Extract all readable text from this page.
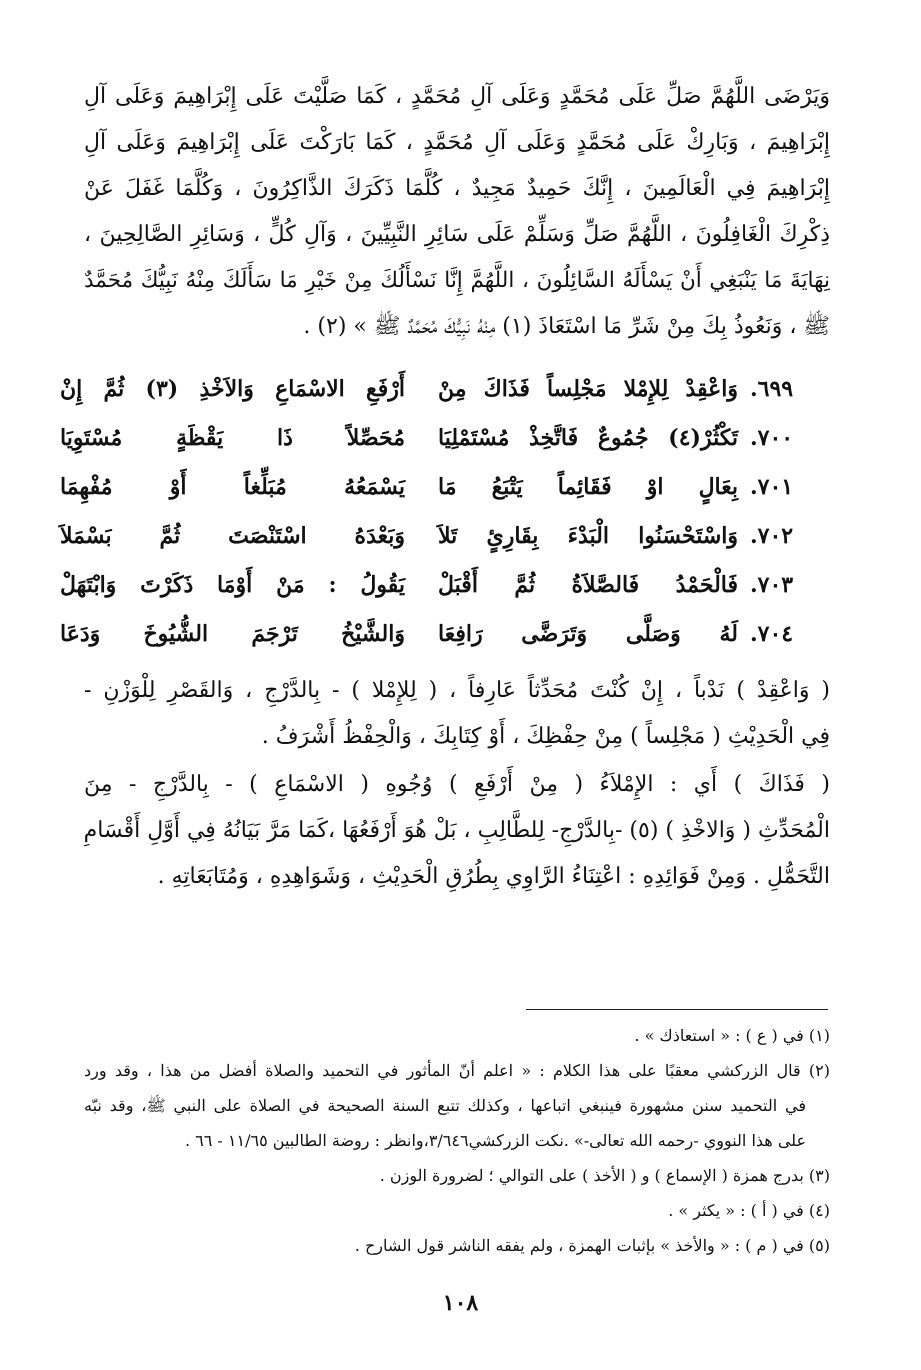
وَيَرْضَى اللَّهُمَّ صَلِّ عَلَى مُحَمَّدٍ وَعَلَى آلِ مُحَمَّدٍ ، كَمَا صَلَّيْتَ عَلَى إِبْرَاهِيمَ وَعَلَى آلِ
إِبْرَاهِيمَ ، وَبَارِكْ عَلَى مُحَمَّدٍ وَعَلَى آلِ مُحَمَّدٍ ، كَمَا بَارَكْتَ عَلَى إِبْرَاهِيمَ وَعَلَى آلِ
إِبْرَاهِيمَ فِي الْعَالَمِينَ ، إِنَّكَ حَمِيدٌ مَجِيدٌ ، كُلَّمَا ذَكَرَكَ الذَّاكِرُونَ ، وَكُلَّمَا غَفَلَ عَنْ
ذِكْرِكَ الْغَافِلُونَ ، اللَّهُمَّ صَلِّ وَسَلِّمْ عَلَى سَائِرِ النَّبِيِّينَ ، وَآلِ كُلٍّ ، وَسَائِرِ الصَّالِحِينَ ،
نِهَايَةَ مَا يَنْبَغِي أَنْ يَسْأَلَهُ السَّائِلُونَ ، اللَّهُمَّ إِنَّا نَسْأَلُكَ مِنْ خَيْرِ مَا سَأَلَكَ مِنْهُ نَبِيُّكَ مُحَمَّدٌ
ﷺ ، وَنَعُوذُ بِكَ مِنْ شَرِّ مَا اسْتَعَاذَ (١) مِنْهُ نَبِيُّكَ مُحَمَّدٌ ﷺ » (٢) .
٦٩٩.
وَاعْقِدْ لِلإِمْلا مَجْلِساً فَذَاكَ مِنْ
أَرْفَعِ الاسْمَاعِ وَالاَخْذِ (٣) ثُمَّ إِنْ
٧٠٠.
تَكْثُرْ(٤) جُمُوعٌ فَاتَّخِذْ مُسْتَمْلِيَا
مُحَصِّلاً ذَا يَقْظَةٍ مُسْتَوِيَا
٧٠١.
بِعَالٍ اوْ فَقَائِماً يَتْبَعُ مَا
يَسْمَعُهُ مُبَلِّغاً أَوْ مُفْهِمَا
٧٠٢.
وَاسْتَحْسَنُوا الْبَدْءَ بِقَارِئٍ تَلاَ
وَبَعْدَهُ اسْتَنْصَتَ ثُمَّ بَسْمَلاَ
٧٠٣.
فَالْحَمْدُ فَالصَّلاَةُ ثُمَّ أَقْبَلْ
يَقُولُ : مَنْ أَوْمَا ذَكَرْتَ وَابْتَهَلْ
٧٠٤.
لَهُ وَصَلَّى وَتَرَضَّى رَافِعَا
وَالشَّيْخُ تَرْجَمَ الشُّيُوخَ وَدَعَا
( وَاعْقِدْ ) نَدْباً ، إِنْ كُنْتَ مُحَدِّثاً عَارِفاً ، ( لِلإِمْلا ) - بِالدَّرْجِ ، وَالقَصْرِ لِلْوَزْنِ -
فِي الْحَدِيْثِ ( مَجْلِساً ) مِنْ حِفْظِكَ ، أَوْ كِتَابِكَ ، وَالْحِفْظُ أَشْرَفُ .
( فَذَاكَ ) أَي : الإِمْلاَءُ ( مِنْ أَرْفَعِ ) وُجُوهِ ( الاسْمَاعِ ) - بِالدَّرْجِ - مِنَ
الْمُحَدِّثِ ( وَالاخْذِ ) (٥) -بِالدَّرْجِ- لِلطَّالِبِ ، بَلْ هُوَ أَرْفَعُهَا ،كَمَا مَرَّ بَيَانُهُ فِي أَوَّلِ أَقْسَامِ
التَّحَمُّلِ . وَمِنْ فَوَائِدِهِ : اعْتِنَاءُ الرَّاوِي بِطُرُقِ الْحَدِيْثِ ، وَشَوَاهِدِهِ ، وَمُتَابَعَاتِهِ .
(١) في ( ع ) : « استعاذك » .
(٢) قال الزركشي معقبًا على هذا الكلام : « اعلم أنّ المأثور في التحميد والصلاة أفضل من هذا ، وقد ورد
في التحميد سنن مشهورة فينبغي اتباعها ، وكذلك تتبع السنة الصحيحة في الصلاة على النبي ﷺ، وقد نبّه
على هذا النووي -رحمه الله تعالى-» .نكت الزركشي٣/٦٤٦،وانظر : روضة الطالبين ١١/٦٥ - ٦٦ .
(٣) بدرج همزة ( الإسماع ) و ( الأخذ ) على التوالي ؛ لضرورة الوزن .
(٤) في ( أ ) : « يكثر » .
(٥) في ( م ) : « والأخذ » بإثبات الهمزة ، ولم يفقه الناشر قول الشارح .
١٠٨
